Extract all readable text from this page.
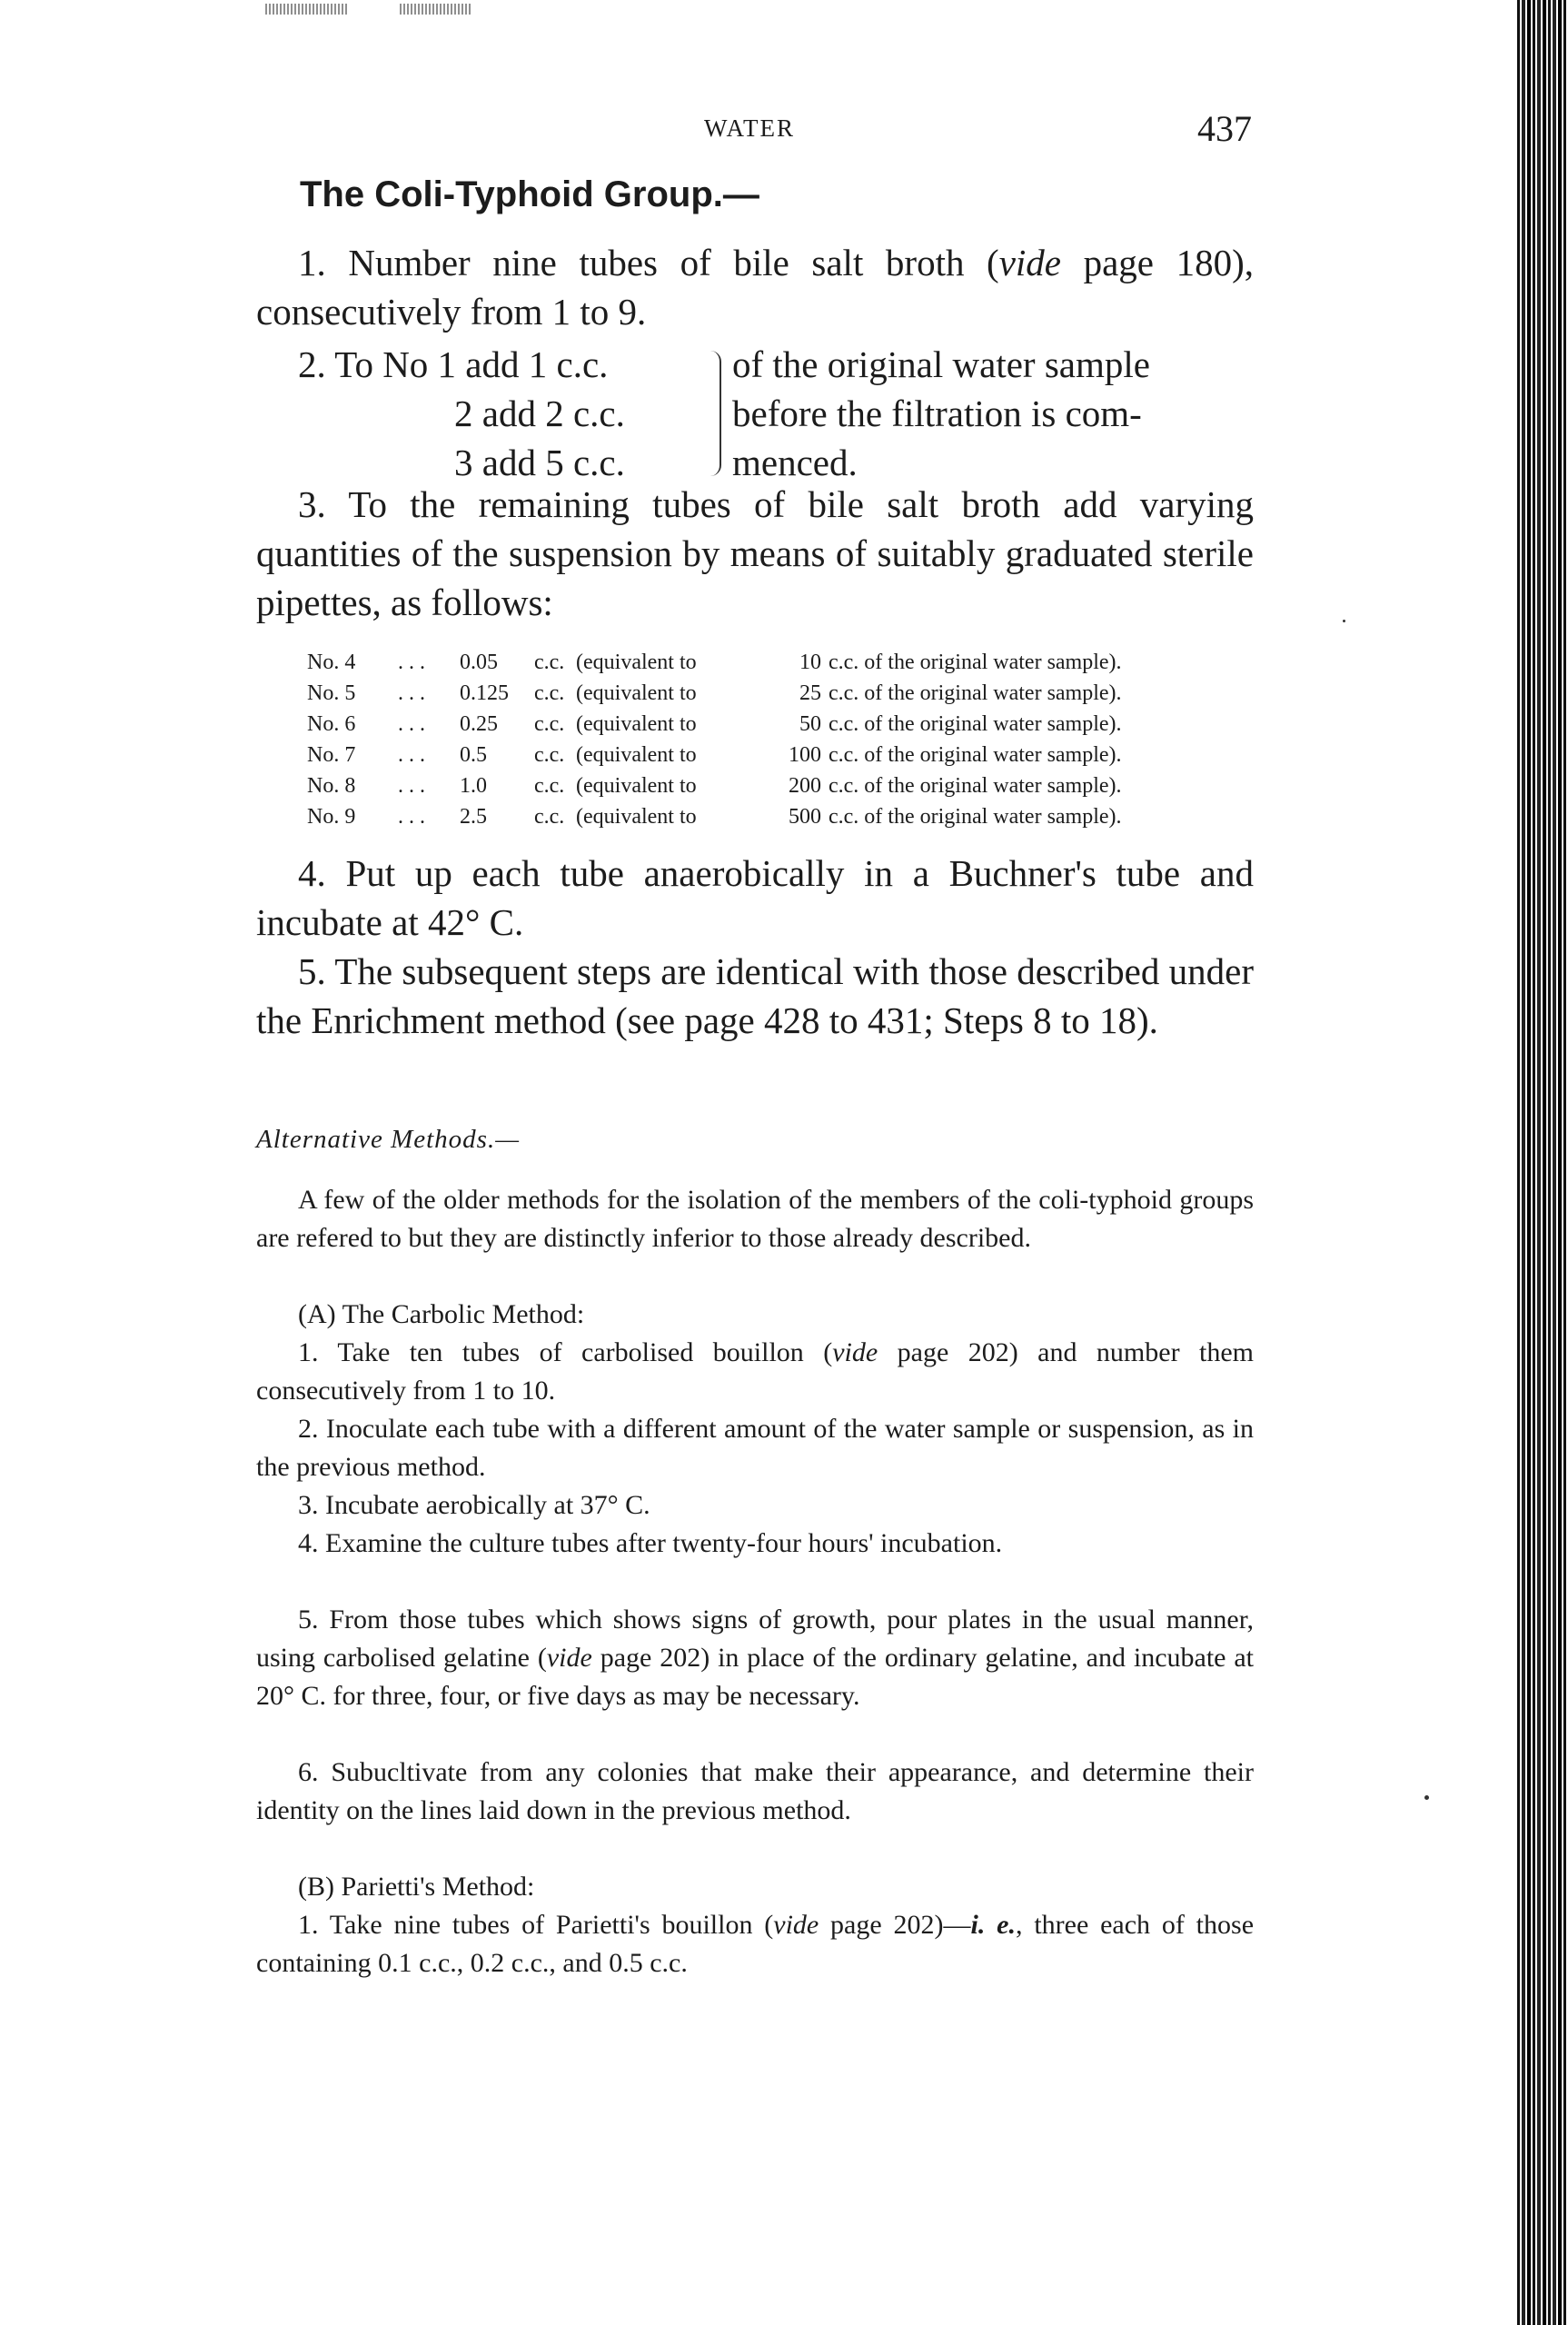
WATER	437
The Coli-Typhoid Group.—
1. Number nine tubes of bile salt broth (vide page 180), consecutively from 1 to 9.
2. To No 1 add 1 c.c.
2 add 2 c.c.
3 add 5 c.c.
of the original water sample
before the filtration is com-
menced.
3. To the remaining tubes of bile salt broth add varying quantities of the suspension by means of suitably graduated sterile pipettes, as follows:
No. 4 . . . 0.05 c.c. (equivalent to	10 c.c. of the original water sample).
No. 5 . . . 0.125 c.c. (equivalent to	25 c.c. of the original water sample).
No. 6 . . . 0.25 c.c. (equivalent to	50 c.c. of the original water sample).
No. 7 . . . 0.5 c.c. (equivalent to	100 c.c. of the original water sample).
No. 8 . . . 1.0 c.c. (equivalent to	200 c.c. of the original water sample).
No. 9 . . . 2.5 c.c. (equivalent to	500 c.c. of the original water sample).
4. Put up each tube anaerobically in a Buchner's tube and incubate at 42° C.
5. The subsequent steps are identical with those described under the Enrichment method (see page 428 to 431; Steps 8 to 18).
Alternative Methods.—
A few of the older methods for the isolation of the members of the coli-typhoid groups are refered to but they are distinctly inferior to those already described.
(A) The Carbolic Method:
1. Take ten tubes of carbolised bouillon (vide page 202) and number them consecutively from 1 to 10.
2. Inoculate each tube with a different amount of the water sample or suspension, as in the previous method.
3. Incubate aerobically at 37° C.
4. Examine the culture tubes after twenty-four hours' incubation.
5. From those tubes which shows signs of growth, pour plates in the usual manner, using carbolised gelatine (vide page 202) in place of the ordinary gelatine, and incubate at 20° C. for three, four, or five days as may be necessary.
6. Subucltivate from any colonies that make their appearance, and determine their identity on the lines laid down in the previous method.
(B) Parietti's Method:
1. Take nine tubes of Parietti's bouillon (vide page 202)—i. e., three each of those containing 0.1 c.c., 0.2 c.c., and 0.5 c.c.
